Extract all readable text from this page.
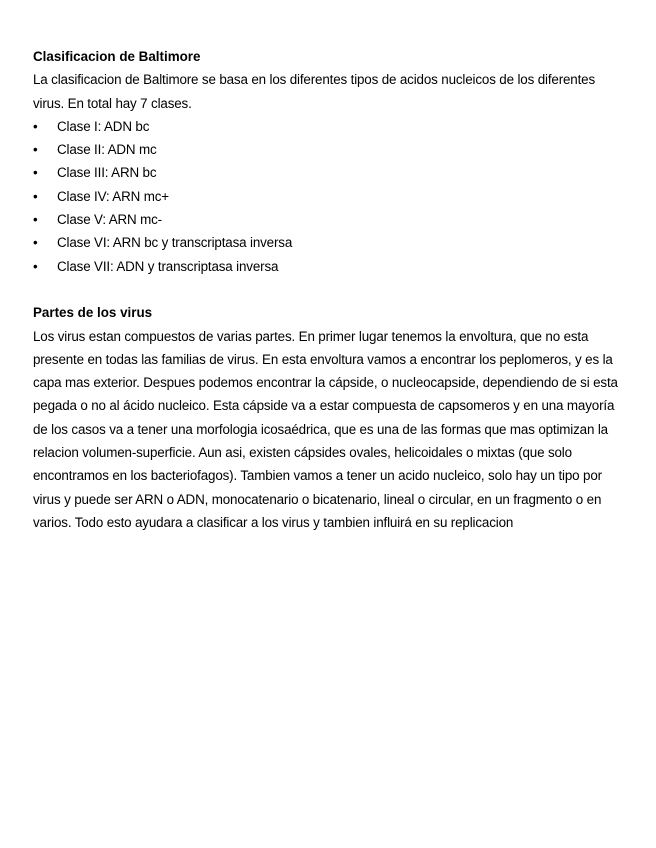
Clasificacion de Baltimore

La clasificacion de Baltimore se basa en los diferentes tipos de acidos nucleicos de los diferentes virus. En total hay 7 clases.

•	Clase I: ADN bc
•	Clase II: ADN mc
•	Clase III: ARN bc
•	Clase IV: ARN mc+
•	Clase V: ARN mc-
•	Clase VI: ARN bc y transcriptasa inversa
•	Clase VII: ADN y transcriptasa inversa

Partes de los virus

Los virus estan compuestos de varias partes. En primer lugar tenemos la envoltura, que no esta presente en todas las familias de virus. En esta envoltura vamos a encontrar los peplomeros, y es la capa mas exterior. Despues podemos encontrar la cápside, o nucleocapside, dependiendo de si esta pegada o no al ácido nucleico. Esta cápside va a estar compuesta de capsomeros y en una mayoría de los casos va a tener una morfologia icosaédrica, que es una de las formas que mas optimizan la relacion volumen-superficie. Aun asi, existen cápsides ovales, helicoidales o mixtas (que solo encontramos en los bacteriofagos). Tambien vamos a tener un acido nucleico, solo hay un tipo por virus y puede ser ARN o ADN, monocatenario o bicatenario, lineal o circular, en un fragmento o en varios. Todo esto ayudara a clasificar a los virus y tambien influirá en su replicacion
